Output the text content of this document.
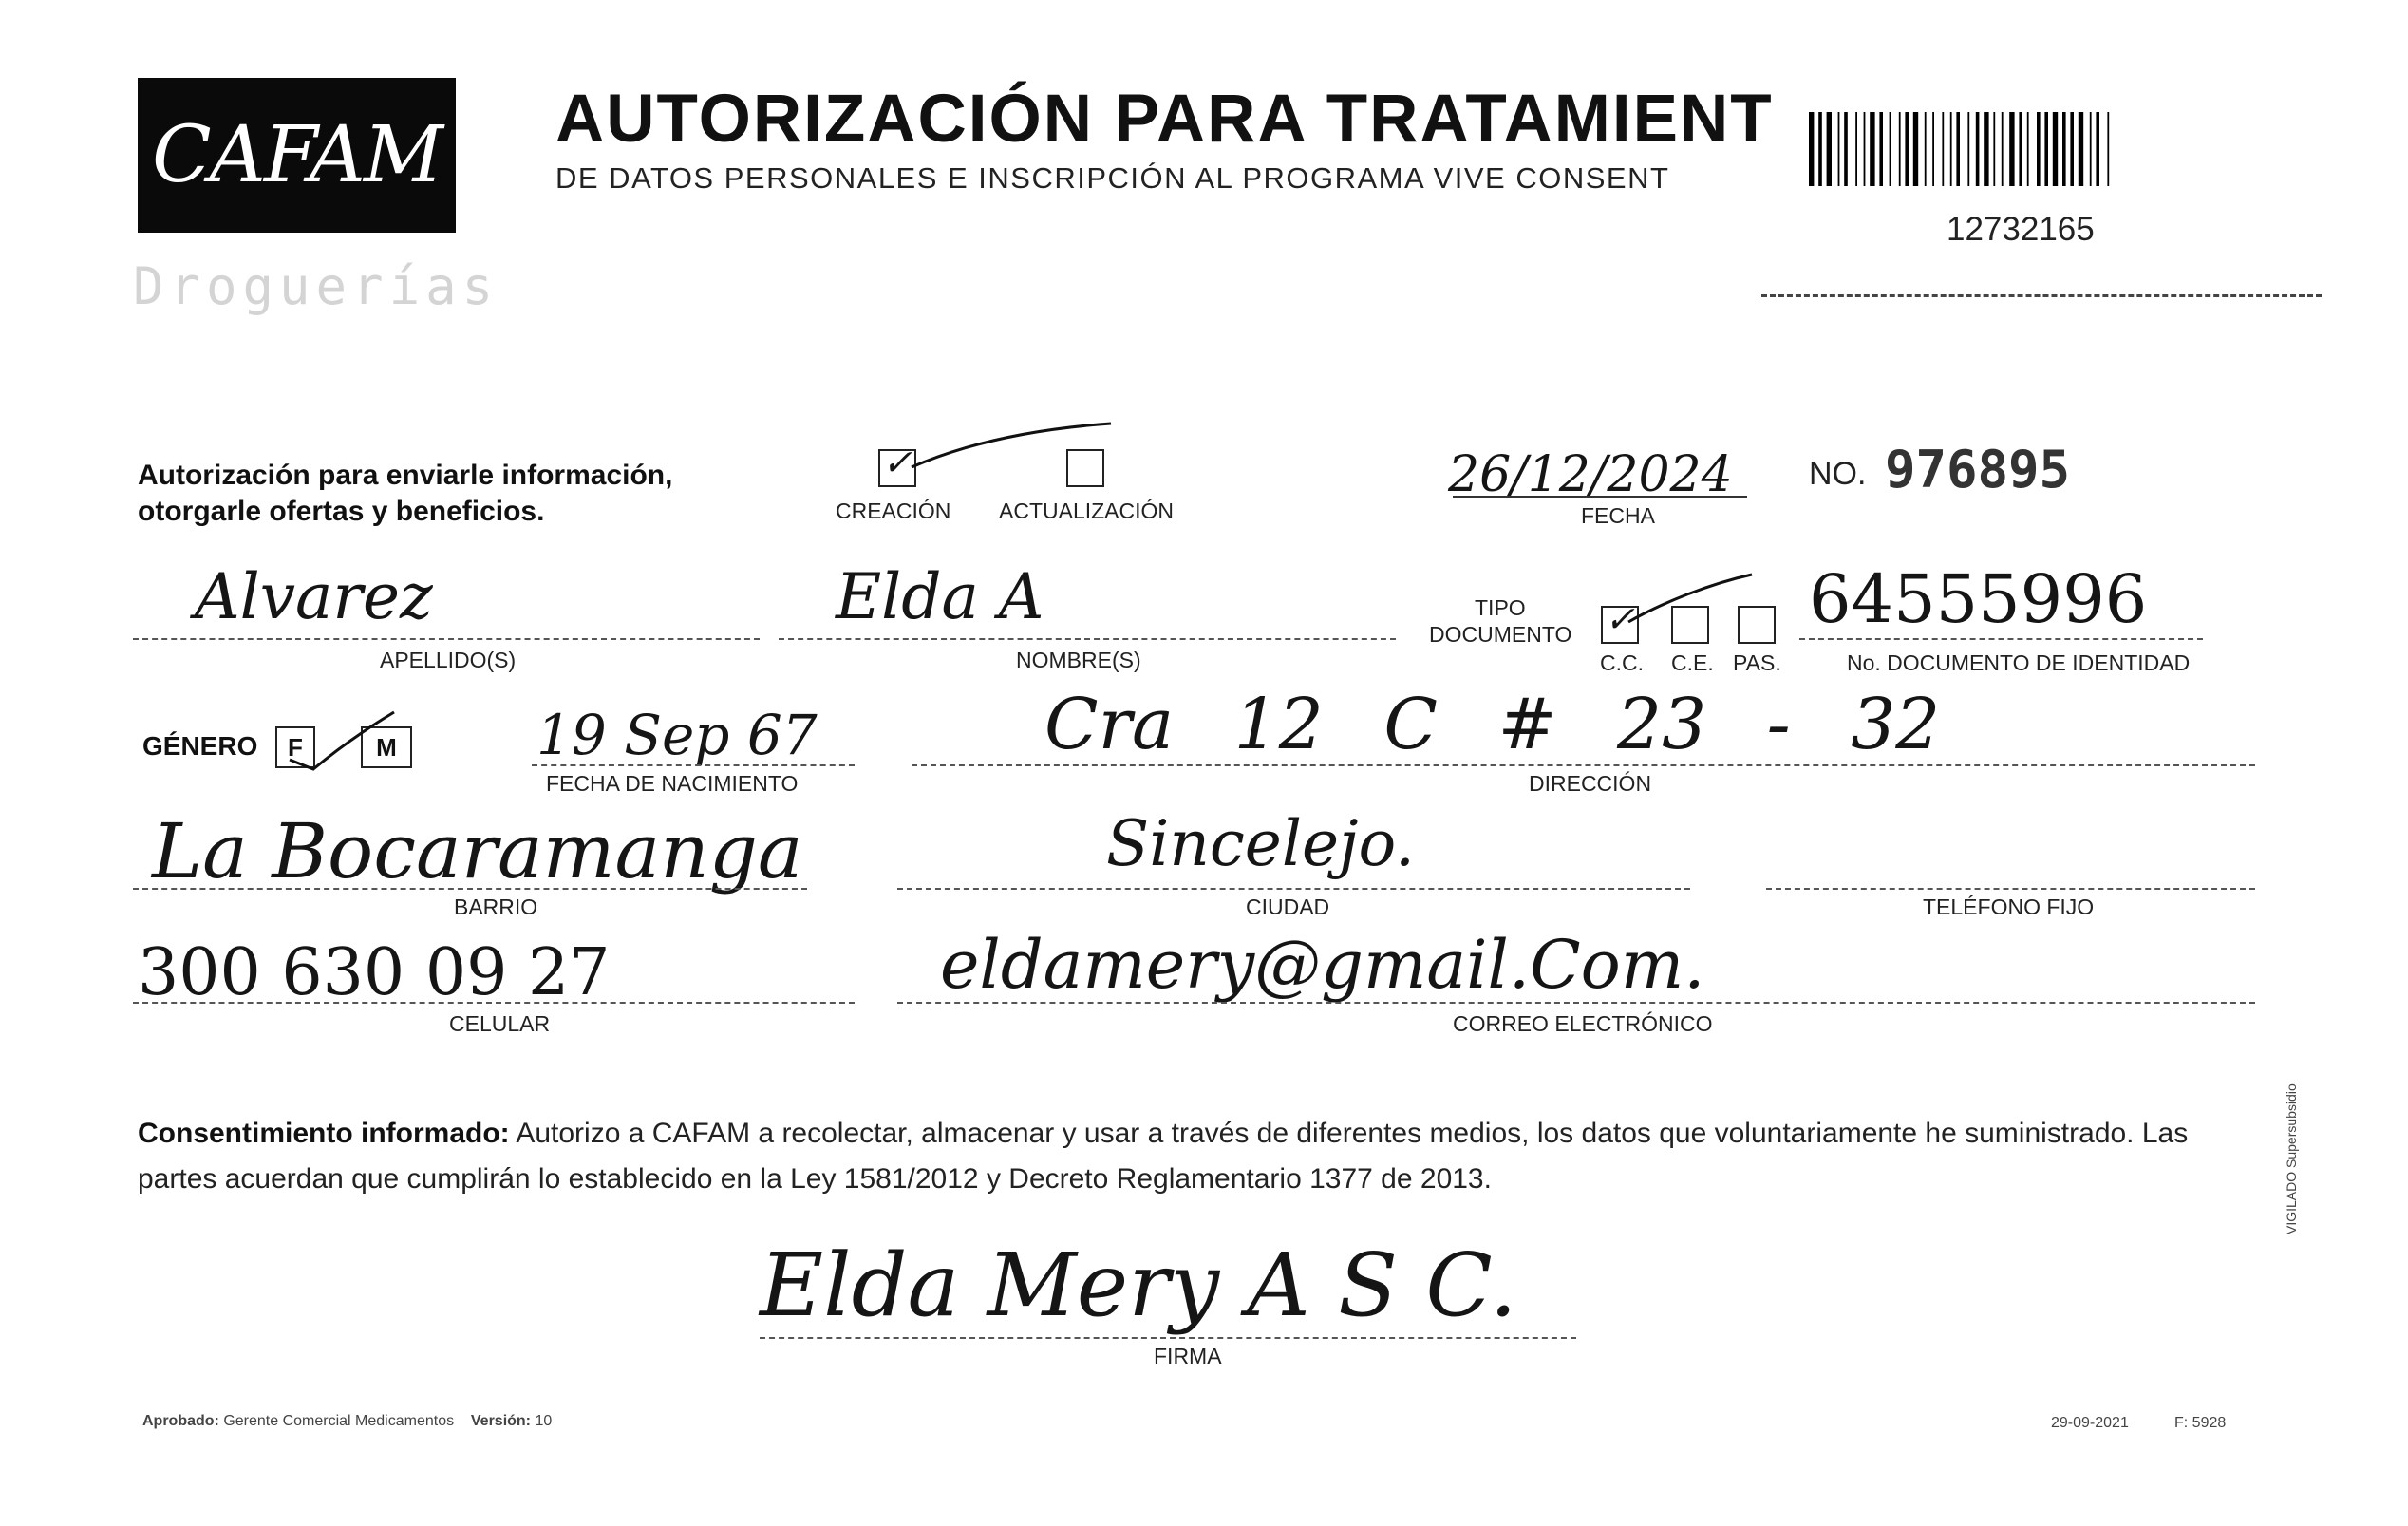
CAFAM
Droguerías
AUTORIZACIÓN PARA TRATAMIENT
DE DATOS PERSONALES E INSCRIPCIÓN AL PROGRAMA VIVE CONSENT
12732165
Autorización para enviarle información,
otorgarle ofertas y beneficios.
✓
CREACIÓN ACTUALIZACIÓN
26/12/2024
FECHA
NO. 976895
Alvarez
APELLIDO(S)
Elda A
NOMBRE(S)
TIPO
DOCUMENTO ✓
C.C. C.E. PAS.
64555996
No. DOCUMENTO DE IDENTIDAD
GÉNERO	F	M	19 Sep 67
FECHA DE NACIMIENTO
Cra 12 C # 23 - 32
DIRECCIÓN
La Bocaramanga
BARRIO
Sincelejo.
CIUDAD	TELÉFONO FIJO
300 630 09 27
CELULAR
eldamery@gmail.Com.
CORREO ELECTRÓNICO
Consentimiento informado: Autorizo a CAFAM a recolectar, almacenar y usar a través de diferentes medios, los datos que voluntariamente he suministrado. Las partes acuerdan que cumplirán lo establecido en la Ley 1581/2012 y Decreto Reglamentario 1377 de 2013.
Elda Mery A S C.
FIRMA
Aprobado: Gerente Comercial Medicamentos Versión: 10	29-09-2021	F: 5928
VIGILADO Supersubsidio
